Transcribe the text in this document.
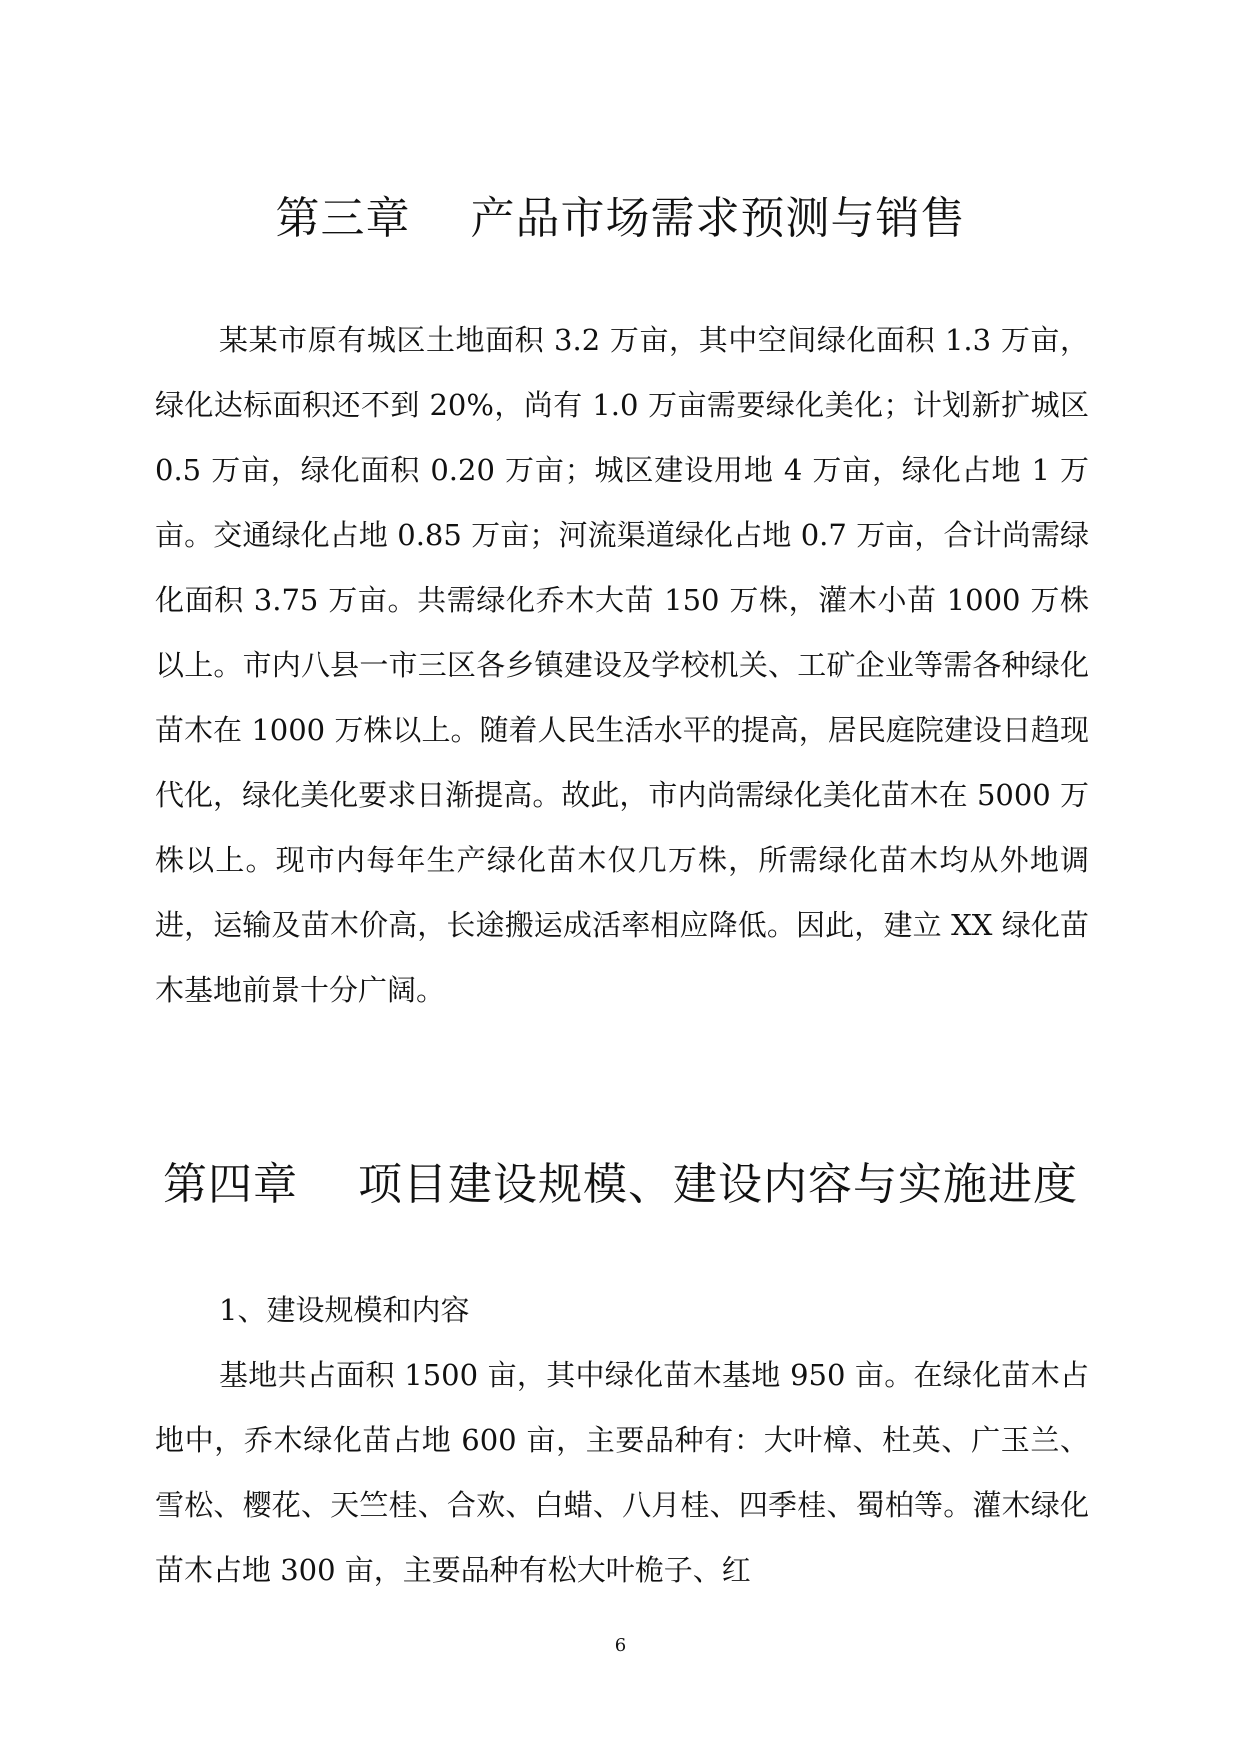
第三章    产品市场需求预测与销售

某某市原有城区土地面积 3.2 万亩，其中空间绿化面积 1.3 万亩，绿化达标面积还不到 20%，尚有 1.0 万亩需要绿化美化；计划新扩城区 0.5 万亩，绿化面积 0.20 万亩；城区建设用地 4 万亩，绿化占地 1 万亩。交通绿化占地 0.85 万亩；河流渠道绿化占地 0.7 万亩，合计尚需绿化面积 3.75 万亩。共需绿化乔木大苗 150 万株，灌木小苗 1000 万株以上。市内八县一市三区各乡镇建设及学校机关、工矿企业等需各种绿化苗木在 1000 万株以上。随着人民生活水平的提高，居民庭院建设日趋现代化，绿化美化要求日渐提高。故此，市内尚需绿化美化苗木在 5000 万株以上。现市内每年生产绿化苗木仅几万株，所需绿化苗木均从外地调进，运输及苗木价高，长途搬运成活率相应降低。因此，建立 XX 绿化苗木基地前景十分广阔。

第四章    项目建设规模、建设内容与实施进度

1、建设规模和内容

基地共占面积 1500 亩，其中绿化苗木基地 950 亩。在绿化苗木占地中，乔木绿化苗占地 600 亩，主要品种有：大叶樟、杜英、广玉兰、雪松、樱花、天竺桂、合欢、白蜡、八月桂、四季桂、蜀柏等。灌木绿化苗木占地 300 亩，主要品种有松大叶桅子、红

6
